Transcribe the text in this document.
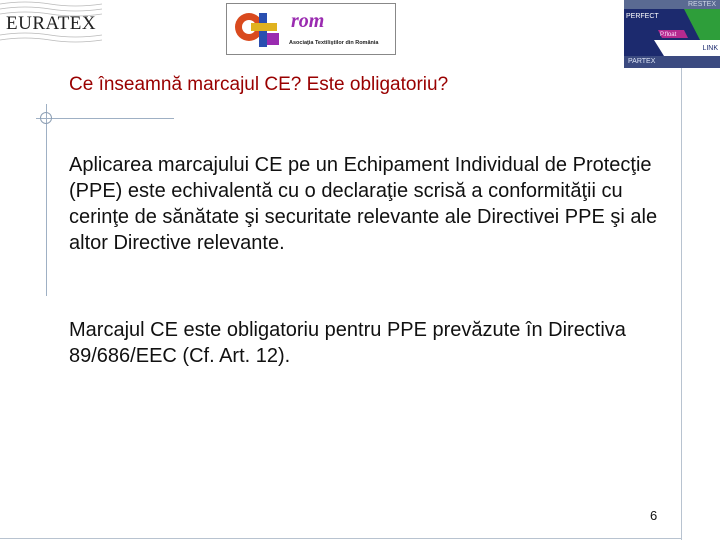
EURATEX	rom
Asociaţia Textiliştilor din România
RESTEX
PERFECT
P.float
LINK
PARTEX
Ce înseamnă marcajul CE? Este obligatoriu?

Aplicarea marcajului CE pe un Echipament Individual de Protecţie (PPE) este echivalentă cu o declaraţie scrisă a conformităţii cu cerinţe de sănătate şi securitate relevante ale Directivei PPE şi ale altor Directive relevante.

Marcajul CE este obligatoriu pentru PPE prevăzute în Directiva 89/686/EEC (Cf. Art. 12).

6
